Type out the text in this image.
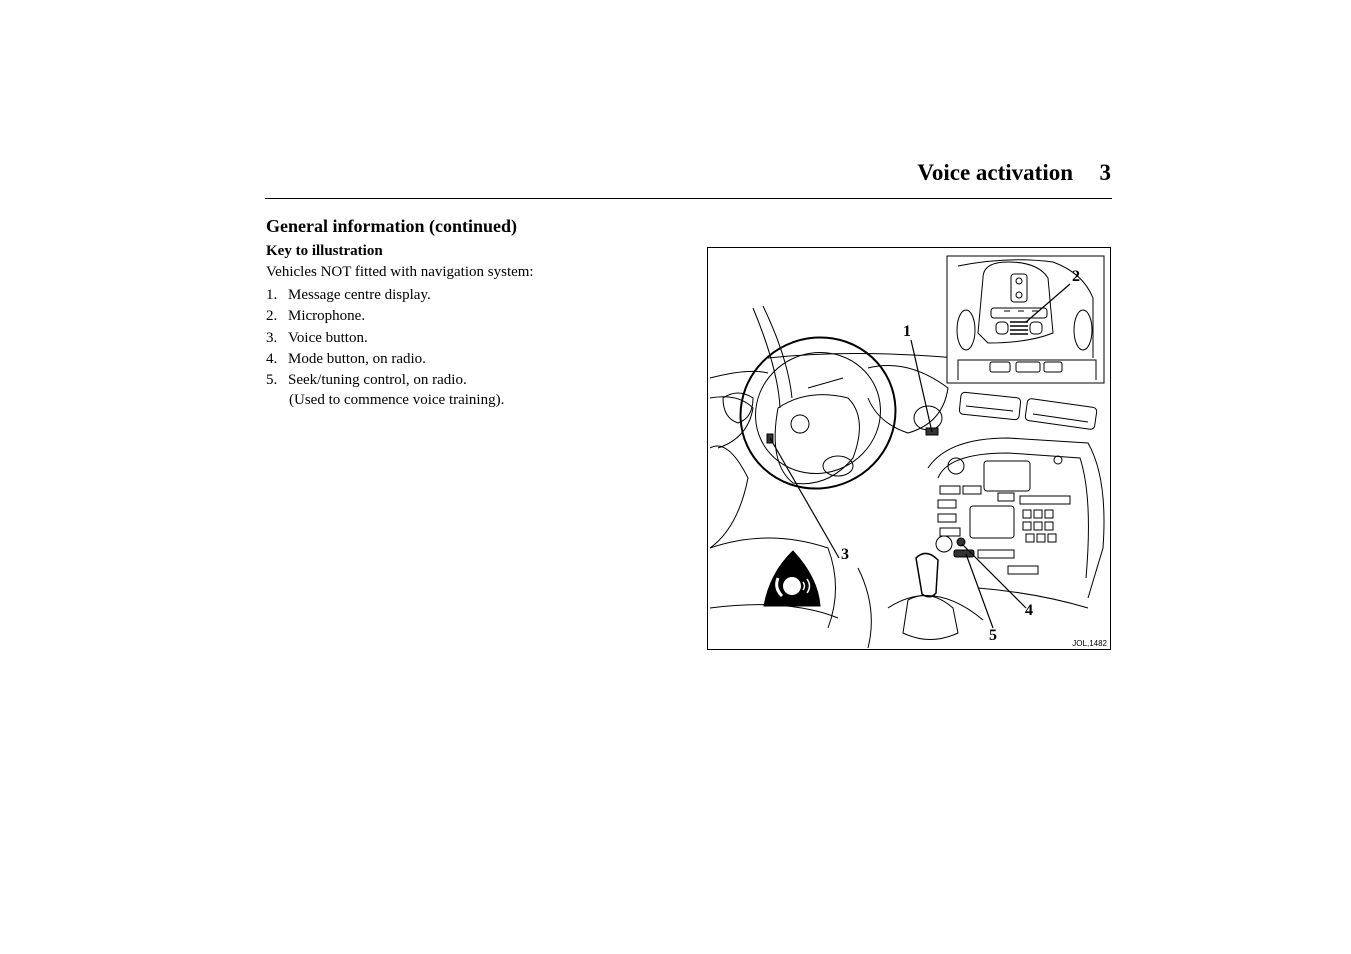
Voice activation 3
General information (continued)
Key to illustration
Vehicles NOT fitted with navigation system:
1. Message centre display.
2. Microphone.
3. Voice button.
4. Mode button, on radio.
5. Seek/tuning control, on radio.
(Used to commence voice training).
1
2
3
4
5	JOL,1482
